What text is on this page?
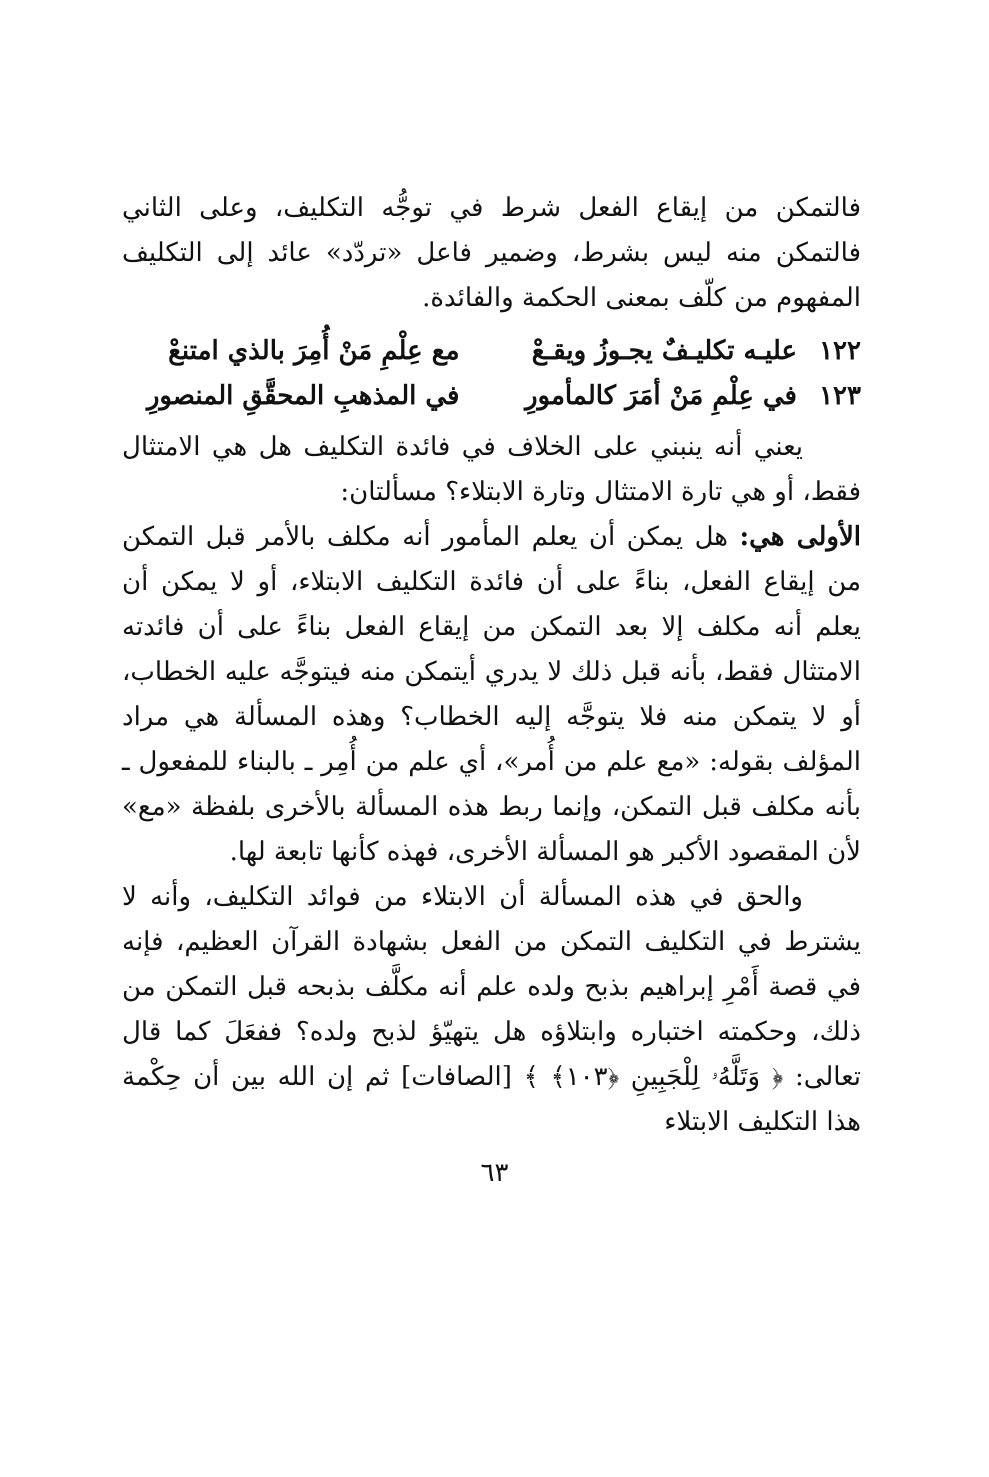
فالتمكن من إيقاع الفعل شرط في توجُّه التكليف، وعلى الثاني فالتمكن منه ليس بشرط، وضمير فاعل «تردّد» عائد إلى التكليف المفهوم من كلّف بمعنى الحكمة والفائدة.

١٢٢
عليـه تكليـفٌ يجـوزُ ويقـعْ
مع عِلْمِ مَنْ أُمِرَ بالذي امتنعْ
١٢٣
في عِلْمِ مَنْ أمَرَ كالمأمورِ
في المذهبِ المحقَّقِ المنصورِ

يعني أنه ينبني على الخلاف في فائدة التكليف هل هي الامتثال فقط، أو هي تارة الامتثال وتارة الابتلاء؟ مسألتان:

الأولى هي: هل يمكن أن يعلم المأمور أنه مكلف بالأمر قبل التمكن من إيقاع الفعل، بناءً على أن فائدة التكليف الابتلاء، أو لا يمكن أن يعلم أنه مكلف إلا بعد التمكن من إيقاع الفعل بناءً على أن فائدته الامتثال فقط، بأنه قبل ذلك لا يدري أيتمكن منه فيتوجَّه عليه الخطاب، أو لا يتمكن منه فلا يتوجَّه إليه الخطاب؟ وهذه المسألة هي مراد المؤلف بقوله: «مع علم من أُمر»، أي علم من أُمِر ـ بالبناء للمفعول ـ بأنه مكلف قبل التمكن، وإنما ربط هذه المسألة بالأخرى بلفظة «مع» لأن المقصود الأكبر هو المسألة الأخرى، فهذه كأنها تابعة لها.

والحق في هذه المسألة أن الابتلاء من فوائد التكليف، وأنه لا يشترط في التكليف التمكن من الفعل بشهادة القرآن العظيم، فإنه في قصة أَمْرِ إبراهيم بذبح ولده علم أنه مكلَّف بذبحه قبل التمكن من ذلك، وحكمته اختباره وابتلاؤه هل يتهيّؤ لذبح ولده؟ ففعَلَ كما قال تعالى: ﴿ وَتَلَّهُۥ لِلْجَبِينِ ﴿١٠٣﴾ ﴾ [الصافات] ثم إن الله بين أن حِكْمة هذا التكليف الابتلاء

٦٣
